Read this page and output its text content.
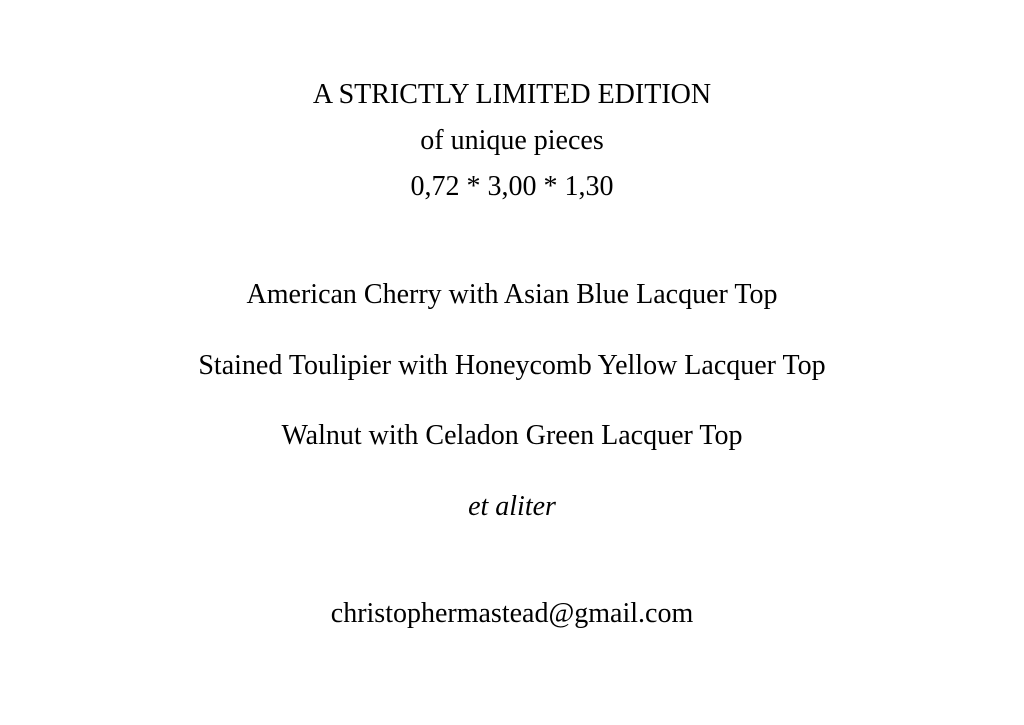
A STRICTLY LIMITED EDITION
of unique pieces
0,72 * 3,00 * 1,30
American Cherry with Asian Blue Lacquer Top
Stained Toulipier with Honeycomb Yellow Lacquer Top
Walnut with Celadon Green Lacquer Top
et aliter
christophermastead@gmail.com
